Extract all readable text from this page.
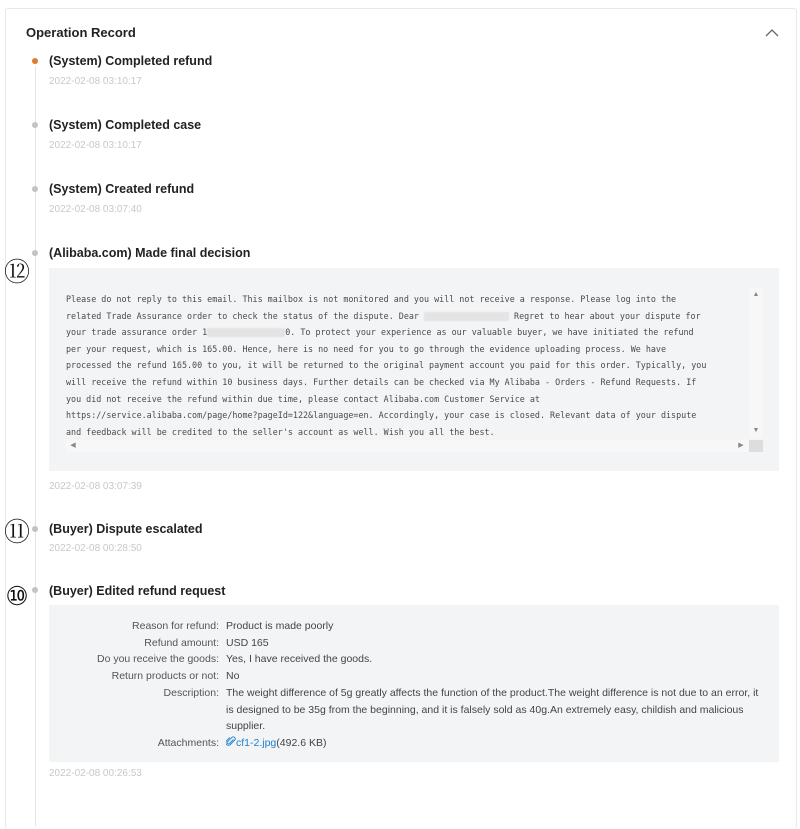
Operation Record
(System) Completed refund
2022-02-08 03:10:17
(System) Completed case
2022-02-08 03:10:17
(System) Created refund
2022-02-08 03:07:40
⑫
(Alibaba.com) Made final decision
Please do not reply to this email. This mailbox is not monitored and you will not receive a response. Please log into the
related Trade Assurance order to check the status of the dispute. Dear	Regret to hear about your dispute for
your trade assurance order 1	0. To protect your experience as our valuable buyer, we have initiated the refund
per your request, which is 165.00. Hence, here is no need for you to go through the evidence uploading process. We have
processed the refund 165.00 to you, it will be returned to the original payment account you paid for this order. Typically, you
will receive the refund within 10 business days. Further details can be checked via My Alibaba - Orders - Refund Requests. If
you did not receive the refund within due time, please contact Alibaba.com Customer Service at
https://service.alibaba.com/page/home?pageId=122&language=en. Accordingly, your case is closed. Relevant data of your dispute
and feedback will be credited to the seller's account as well. Wish you all the best.
▲
▼
◀	▶
2022-02-08 03:07:39
⑪ (Buyer) Dispute escalated
2022-02-08 00:28:50
⑩ (Buyer) Edited refund request
Reason for refund: Product is made poorly
Refund amount: USD 165
Do you receive the goods: Yes, I have received the goods.
Return products or not: No
Description: The weight difference of 5g greatly affects the function of the product.The weight difference is not due to an error, it is designed to be 35g from the beginning, and it is falsely sold as 40g.An extremely easy, childish and malicious supplier.
Attachments:	cf1-2.jpg(492.6 KB)
2022-02-08 00:26:53
